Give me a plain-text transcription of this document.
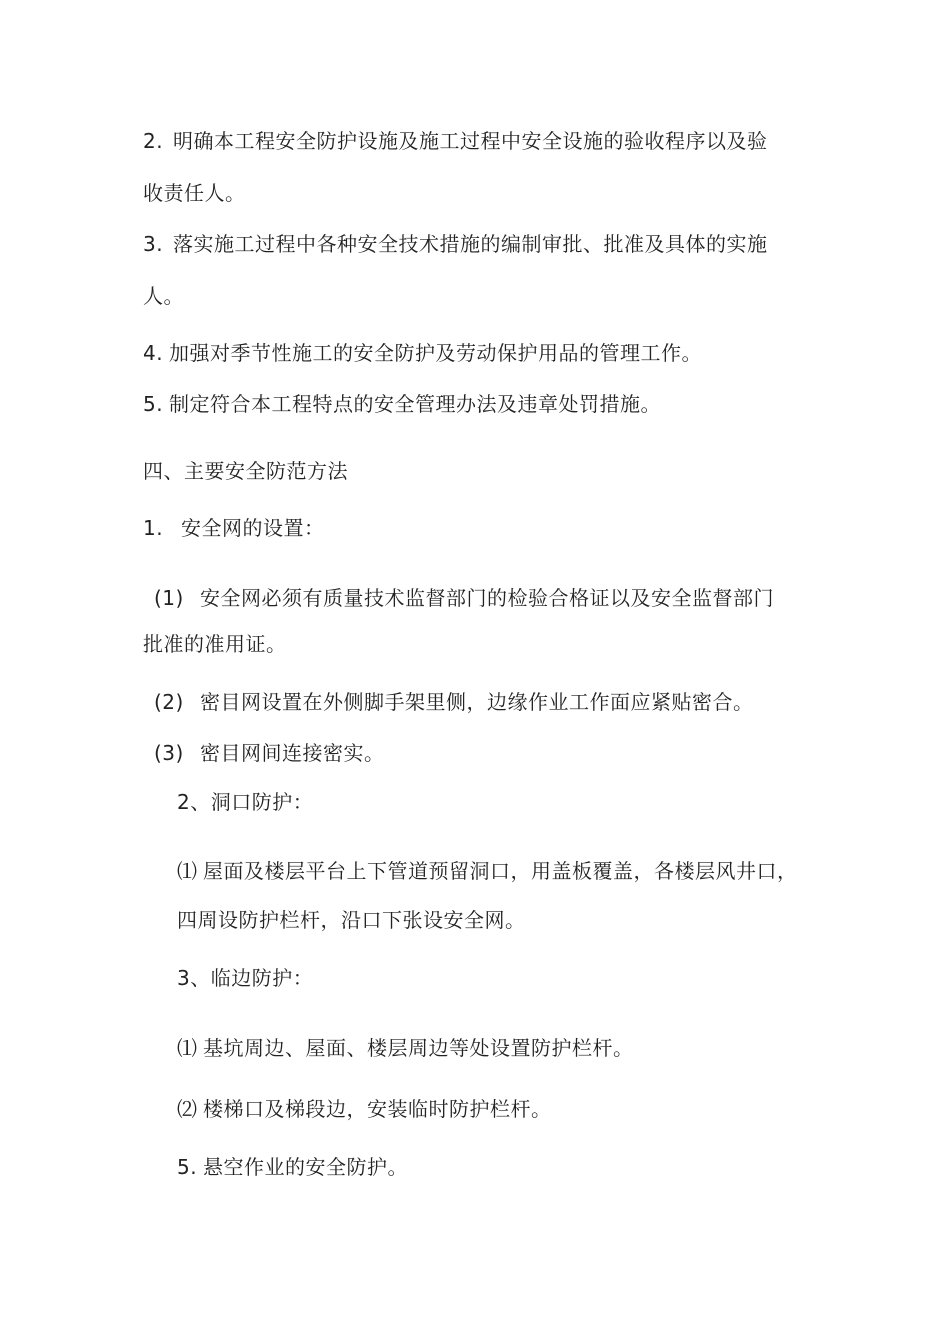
2. 明确本工程安全防护设施及施工过程中安全设施的验收程序以及验
收责任人。
3. 落实施工过程中各种安全技术措施的编制审批、批准及具体的实施
人。
4. 加强对季节性施工的安全防护及劳动保护用品的管理工作。
5. 制定符合本工程特点的安全管理办法及违章处罚措施。
四、主要安全防范方法
1. 安全网的设置：
(1) 安全网必须有质量技术监督部门的检验合格证以及安全监督部门
批准的准用证。
(2) 密目网设置在外侧脚手架里侧，边缘作业工作面应紧贴密合。
(3) 密目网间连接密实。
2、洞口防护：
⑴ 屋面及楼层平台上下管道预留洞口，用盖板覆盖，各楼层风井口，
四周设防护栏杆，沿口下张设安全网。
3、临边防护：
⑴ 基坑周边、屋面、楼层周边等处设置防护栏杆。
⑵ 楼梯口及梯段边，安装临时防护栏杆。
5. 悬空作业的安全防护。
